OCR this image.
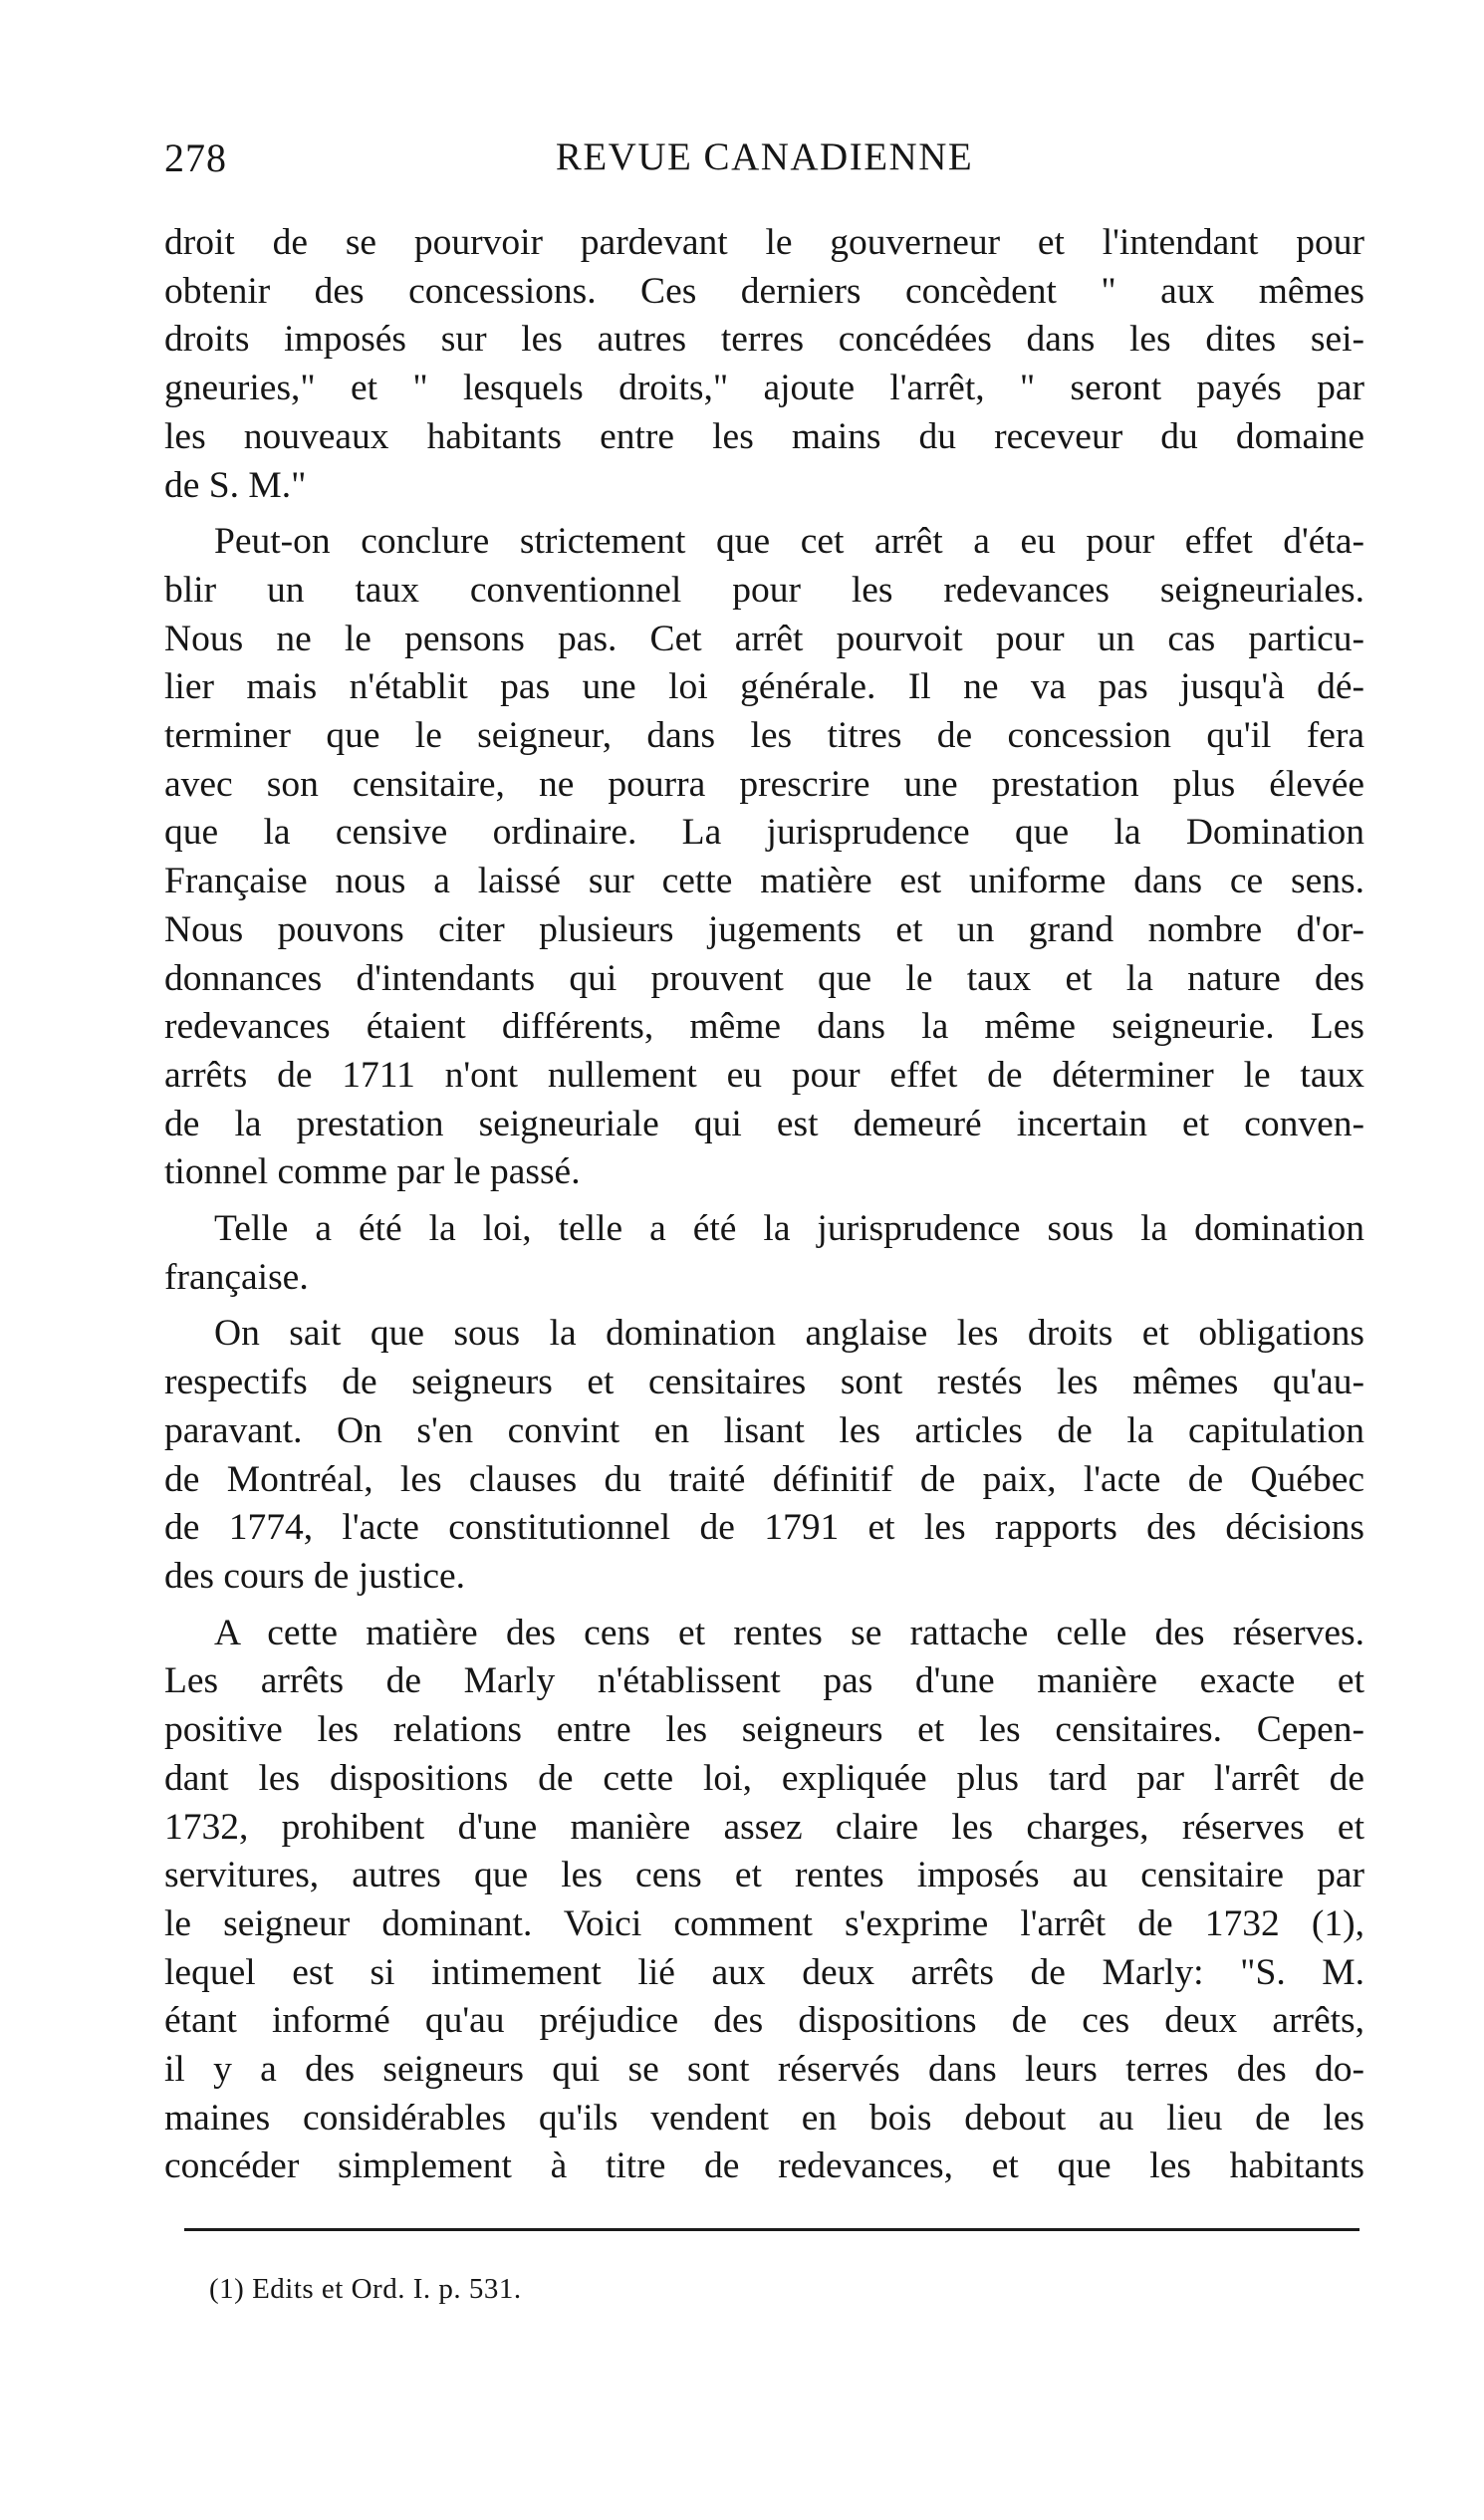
278	REVUE CANADIENNE
droit de se pourvoir pardevant le gouverneur et l'intendant pour
obtenir des concessions. Ces derniers concèdent " aux mêmes
droits imposés sur les autres terres concédées dans les dites sei-
gneuries," et " lesquels droits," ajoute l'arrêt, " seront payés par
les nouveaux habitants entre les mains du receveur du domaine
de S. M."
Peut-on conclure strictement que cet arrêt a eu pour effet d'éta-
blir un taux conventionnel pour les redevances seigneuriales.
Nous ne le pensons pas. Cet arrêt pourvoit pour un cas particu-
lier mais n'établit pas une loi générale. Il ne va pas jusqu'à dé-
terminer que le seigneur, dans les titres de concession qu'il fera
avec son censitaire, ne pourra prescrire une prestation plus élevée
que la censive ordinaire. La jurisprudence que la Domination
Française nous a laissé sur cette matière est uniforme dans ce sens.
Nous pouvons citer plusieurs jugements et un grand nombre d'or-
donnances d'intendants qui prouvent que le taux et la nature des
redevances étaient différents, même dans la même seigneurie. Les
arrêts de 1711 n'ont nullement eu pour effet de déterminer le taux
de la prestation seigneuriale qui est demeuré incertain et conven-
tionnel comme par le passé.
Telle a été la loi, telle a été la jurisprudence sous la domination
française.
On sait que sous la domination anglaise les droits et obligations
respectifs de seigneurs et censitaires sont restés les mêmes qu'au-
paravant. On s'en convint en lisant les articles de la capitulation
de Montréal, les clauses du traité définitif de paix, l'acte de Québec
de 1774, l'acte constitutionnel de 1791 et les rapports des décisions
des cours de justice.
A cette matière des cens et rentes se rattache celle des réserves.
Les arrêts de Marly n'établissent pas d'une manière exacte et
positive les relations entre les seigneurs et les censitaires. Cepen-
dant les dispositions de cette loi, expliquée plus tard par l'arrêt de
1732, prohibent d'une manière assez claire les charges, réserves et
servitures, autres que les cens et rentes imposés au censitaire par
le seigneur dominant. Voici comment s'exprime l'arrêt de 1732 (1),
lequel est si intimement lié aux deux arrêts de Marly: "S. M.
étant informé qu'au préjudice des dispositions de ces deux arrêts,
il y a des seigneurs qui se sont réservés dans leurs terres des do-
maines considérables qu'ils vendent en bois debout au lieu de les
concéder simplement à titre de redevances, et que les habitants
(1) Edits et Ord. I. p. 531.
